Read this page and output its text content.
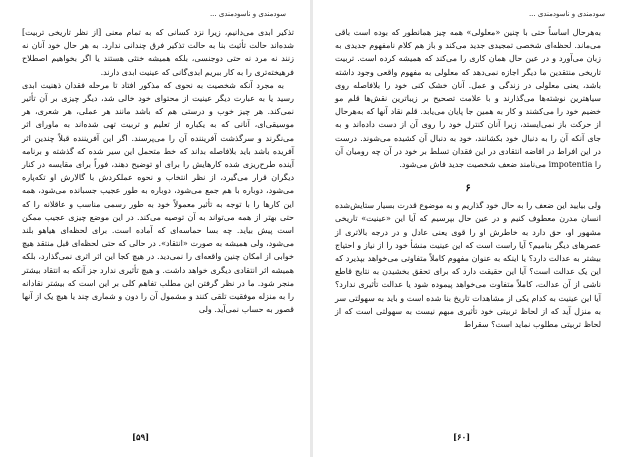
سودمندی و ناسودمندی ...

تذکیر ابدی می‌دانیم، زیرا نزد کسانی که به تمام معنی [از نظر تاریخی تربیت] شده‌اند حالت تأثیث بنا به حالت تذکیر فرق چندانی ندارد. به هر حال خود آنان نه زنند نه مرد نه حتی دوجنسی، بلکه همیشه خنثی هستند یا اگر بخواهیم اصطلاح فرهیخته‌تری را به کار ببریم ابدی‌گانی که عینیت ابدی دارند.

به مجرد آنکه شخصیت به نحوی که مذکور افتاد تا مرحله فقدان ذهنیت ابدی رسید یا به عبارت دیگر عینیت از محتوای خود خالی شد، دیگر چیزی بر آن تأثیر نمی‌کند. هر چیز خوب و درستی هم که باشد مانند هر عملی، هر شعری، هر موسیقی‌ای، آنانی که به یکباره از تعلیم و تربیت تهی شده‌اند به ماورای اثر می‌نگرند و سرگذشت آفریننده آن را می‌پرسند. اگر این آفریننده قبلاً چندین اثر آفریده باشد باید بلافاصله بداند که خط متحمل این سیر شده که گذشته و برنامه آینده طرح‌ریزی شده کارهایش را برای او توضیح دهند، فوراً برای مقایسه در کنار دیگران قرار می‌گیرد، از نظر انتخاب و نحوه عملکردش با گالارش او تکه‌پاره می‌شود، دوباره با هم جمع می‌شود، دوباره به طور عجیب جسبانده می‌شود، همه این کارها را با توجه به تأثیر معمولاً خود به طور رسمی مناسب و عاقلانه را که حتی بهتر از همه می‌تواند به آن توصیه می‌کند. در این موضع چیزی عجیب ممکن است پیش بیاید. چه بسا حماسه‌ای که آماده است. برای لحظه‌ای هیاهو بلند می‌شود، ولی همیشه به صورت «انتقاد». در حالی که حتی لحظه‌ای قبل منتقد هیچ خوابی از امکان چنین واقعه‌ای را نمی‌دید. در هیچ کجا این اثر اثری نمی‌گذارد، بلکه همیشه اثر انتقادی دیگری خواهد داشت. و هیچ تأثیری ندارد جز آنکه به انتقاد بیشتر منجر شود. ما در نظر گرفتن این مطلب تفاهم کلی بر این است که بیشتر نقادانه را به منزله موفقیت تلقی کنند و مشمول آن را دون و شماری چند یا هیچ یک از آنها قصور به حساب نمی‌آید. ولی

[۵۹]
سودمندی و ناسودمندی ...

به‌هرحال اساساً حتی با چنین «معلولی» همه چیز همانطور که بوده است باقی می‌ماند. لحظه‌ای شخصی تمجیدی جدید می‌کند و باز هم کلام نامفهوم جدیدی به زبان می‌آورد و در عین حال همان کاری را می‌کند که همیشه کرده است. تربیت تاریخی منتقدین ما دیگر اجازه نمی‌دهد که معلولی به مفهوم واقعی وجود داشته باشد، یعنی معلولی در زندگی و عمل. آنان خشک کنی خود را بلافاصله روی سیاهترین نوشته‌ها می‌گذارند و با علامت تصحیح بر زیباترین نقش‌ها قلم مو خضیم خود را می‌کشند و کار به همین جا پایان می‌یابد. قلم نقاد آنها که به‌هرحال از حرکت باز نمی‌ایستد، زیرا آنان کنترل خود را روی آن از دست داده‌اند و به جای آنکه آن را به دنبال خود بکشانند، خود به دنبال آن کشیده می‌شوند. درست در این افراط در افاضه انتقادی در این فقدان تسلط بر خود در آن چه رومیان آن را impotentia می‌نامند ضعف شخصیت جدید فاش می‌شود.

۶

ولی بیایید این ضعف را به حال خود گذاریم و به موضوع قدرت بسیار ستایش‌شده انسان مدرن معطوف کنیم و در عین حال بپرسیم که آیا این «عینیت» تاریخی مشهور او، حق دارد به خاطرش او را قوی یعنی عادل و در درجه بالاتری از عصرهای دیگر بنامیم؟ آیا راست است که این عینیت منشأ خود را از نیاز و احتیاج بیشتر به عدالت دارد؟ یا اینکه به عنوان مفهوم کاملاً متفاوتی می‌خواهد بپذیرد که این یک عدالت است؟ آیا این حقیقت دارد که برای تحقق بخشیدن به نتایج قاطع ناشی از آن عدالت، کاملاً متفاوت می‌خواهد پیموده شود یا عدالت تأثیری ندارد؟ آیا این عینیت به کدام یکی از مشاهدات تاریخ بنا شده است و باید به سهولتی سر به منزل آید که از لحاظ تربیتی خود تأثیری مبهم نیست به سهولتی است که از لحاظ تربیتی مطلوب نماید است؟ سقراط

[۶۰]
